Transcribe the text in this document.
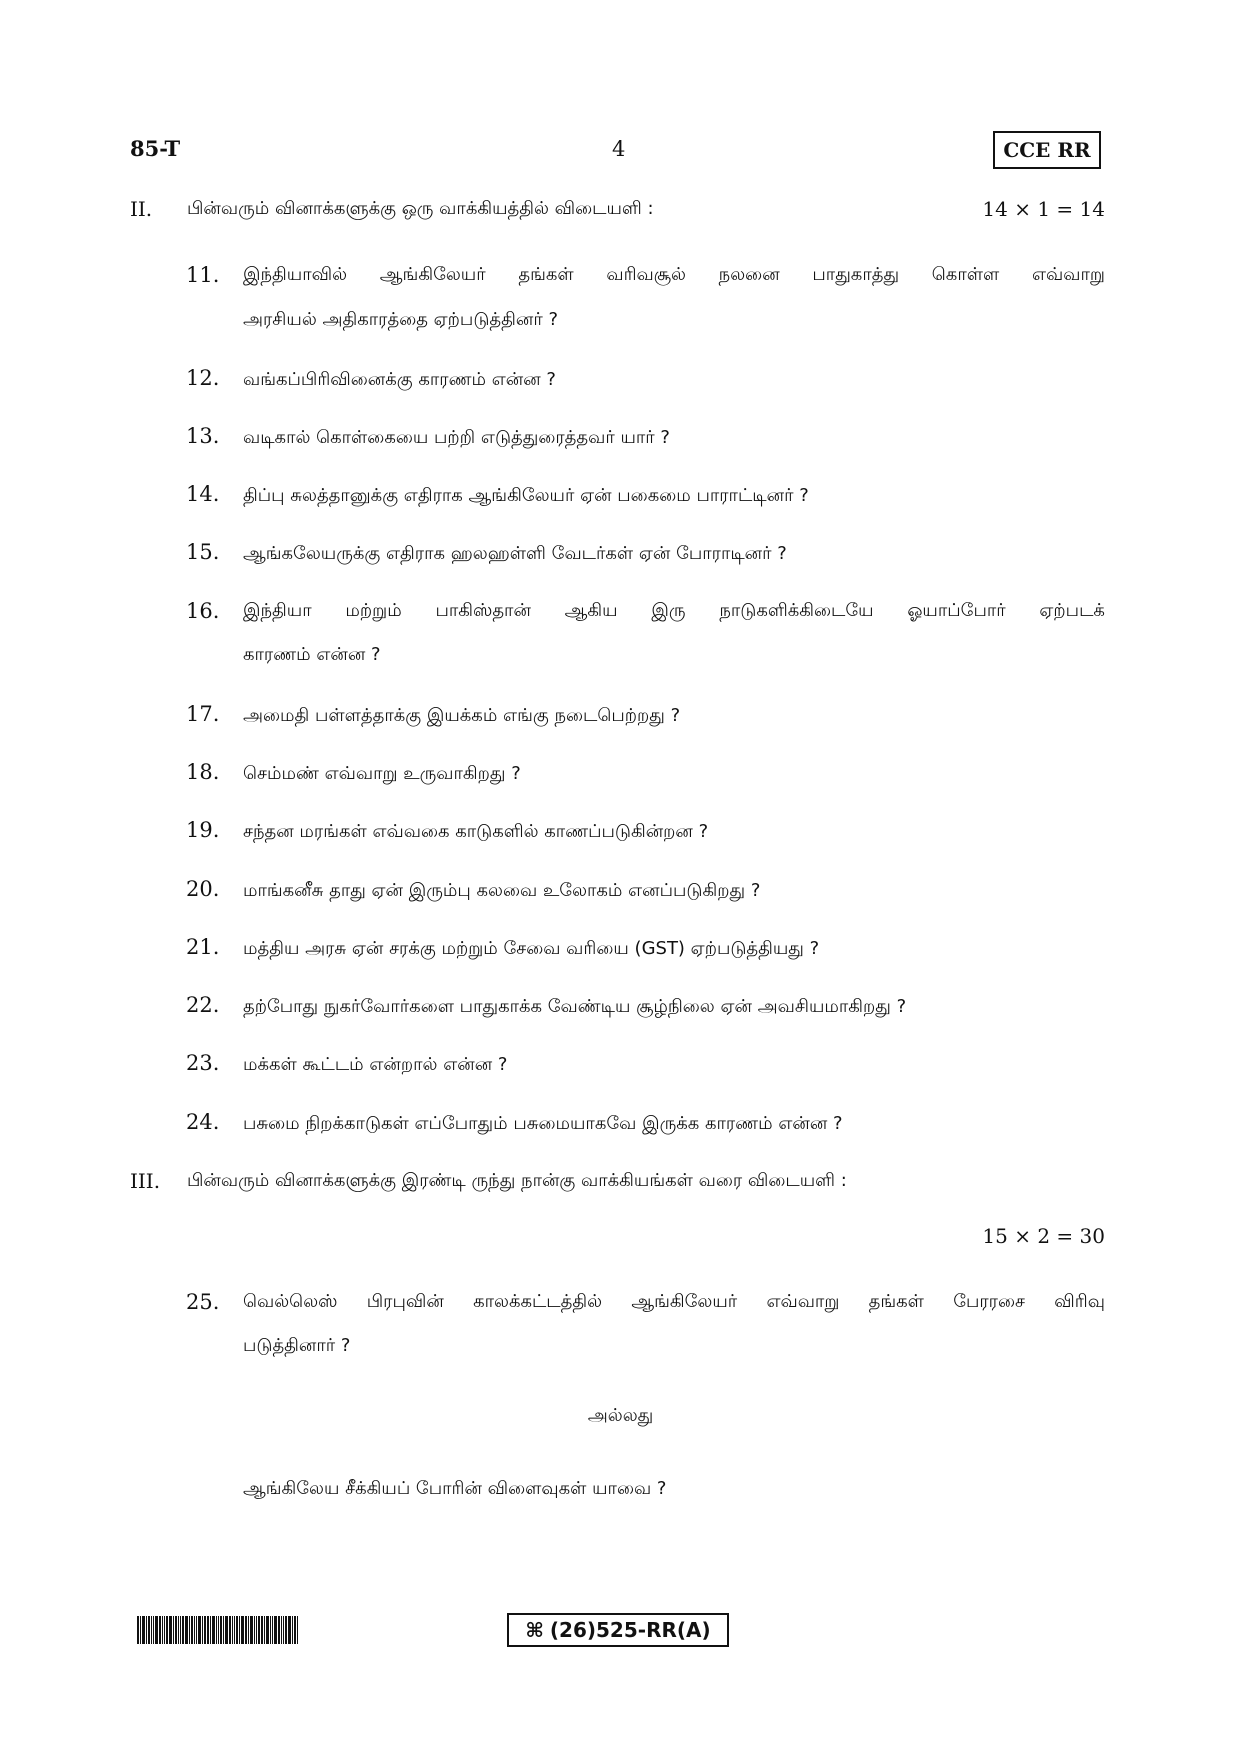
85-T	4	CCE RR
II. பின்வரும் வினாக்களுக்கு ஒரு வாக்கியத்தில் விடையளி :	14 × 1 = 14
11.	இந்தியாவில் ஆங்கிலேயர் தங்கள் வரிவசூல் நலனை பாதுகாத்து கொள்ள எவ்வாறு
அரசியல் அதிகாரத்தை ஏற்படுத்தினர் ?
12.	வங்கப்பிரிவினைக்கு காரணம் என்ன ?
13.	வடிகால் கொள்கையை பற்றி எடுத்துரைத்தவர் யார் ?
14.	திப்பு சுலத்தானுக்கு எதிராக ஆங்கிலேயர் ஏன் பகைமை பாராட்டினர் ?
15.	ஆங்கலேயருக்கு எதிராக ஹலஹள்ளி வேடர்கள் ஏன் போராடினர் ?
16.	இந்தியா மற்றும் பாகிஸ்தான் ஆகிய இரு நாடுகளிக்கிடையே ஓயாப்போர் ஏற்படக்
காரணம் என்ன ?
17.	அமைதி பள்ளத்தாக்கு இயக்கம் எங்கு நடைபெற்றது ?
18.	செம்மண் எவ்வாறு உருவாகிறது ?
19.	சந்தன மரங்கள் எவ்வகை காடுகளில் காணப்படுகின்றன ?
20.	மாங்கனீசு தாது ஏன் இரும்பு கலவை உலோகம் எனப்படுகிறது ?
21.	மத்திய அரசு ஏன் சரக்கு மற்றும் சேவை வரியை (GST) ஏற்படுத்தியது ?
22.	தற்போது நுகர்வோர்களை பாதுகாக்க வேண்டிய சூழ்நிலை ஏன் அவசியமாகிறது ?
23.	மக்கள் கூட்டம் என்றால் என்ன ?
24.	பசுமை நிறக்காடுகள் எப்போதும் பசுமையாகவே இருக்க காரணம் என்ன ?
III. பின்வரும் வினாக்களுக்கு இரண்டி ருந்து நான்கு வாக்கியங்கள் வரை விடையளி :
15 × 2 = 30
25.	வெல்லெஸ் பிரபுவின் காலக்கட்டத்தில் ஆங்கிலேயர் எவ்வாறு தங்கள் பேரரசை விரிவு
படுத்தினார் ?
அல்லது
ஆங்கிலேய சீக்கியப் போரின் விளைவுகள் யாவை ?
⌘ (26)525-RR(A)
